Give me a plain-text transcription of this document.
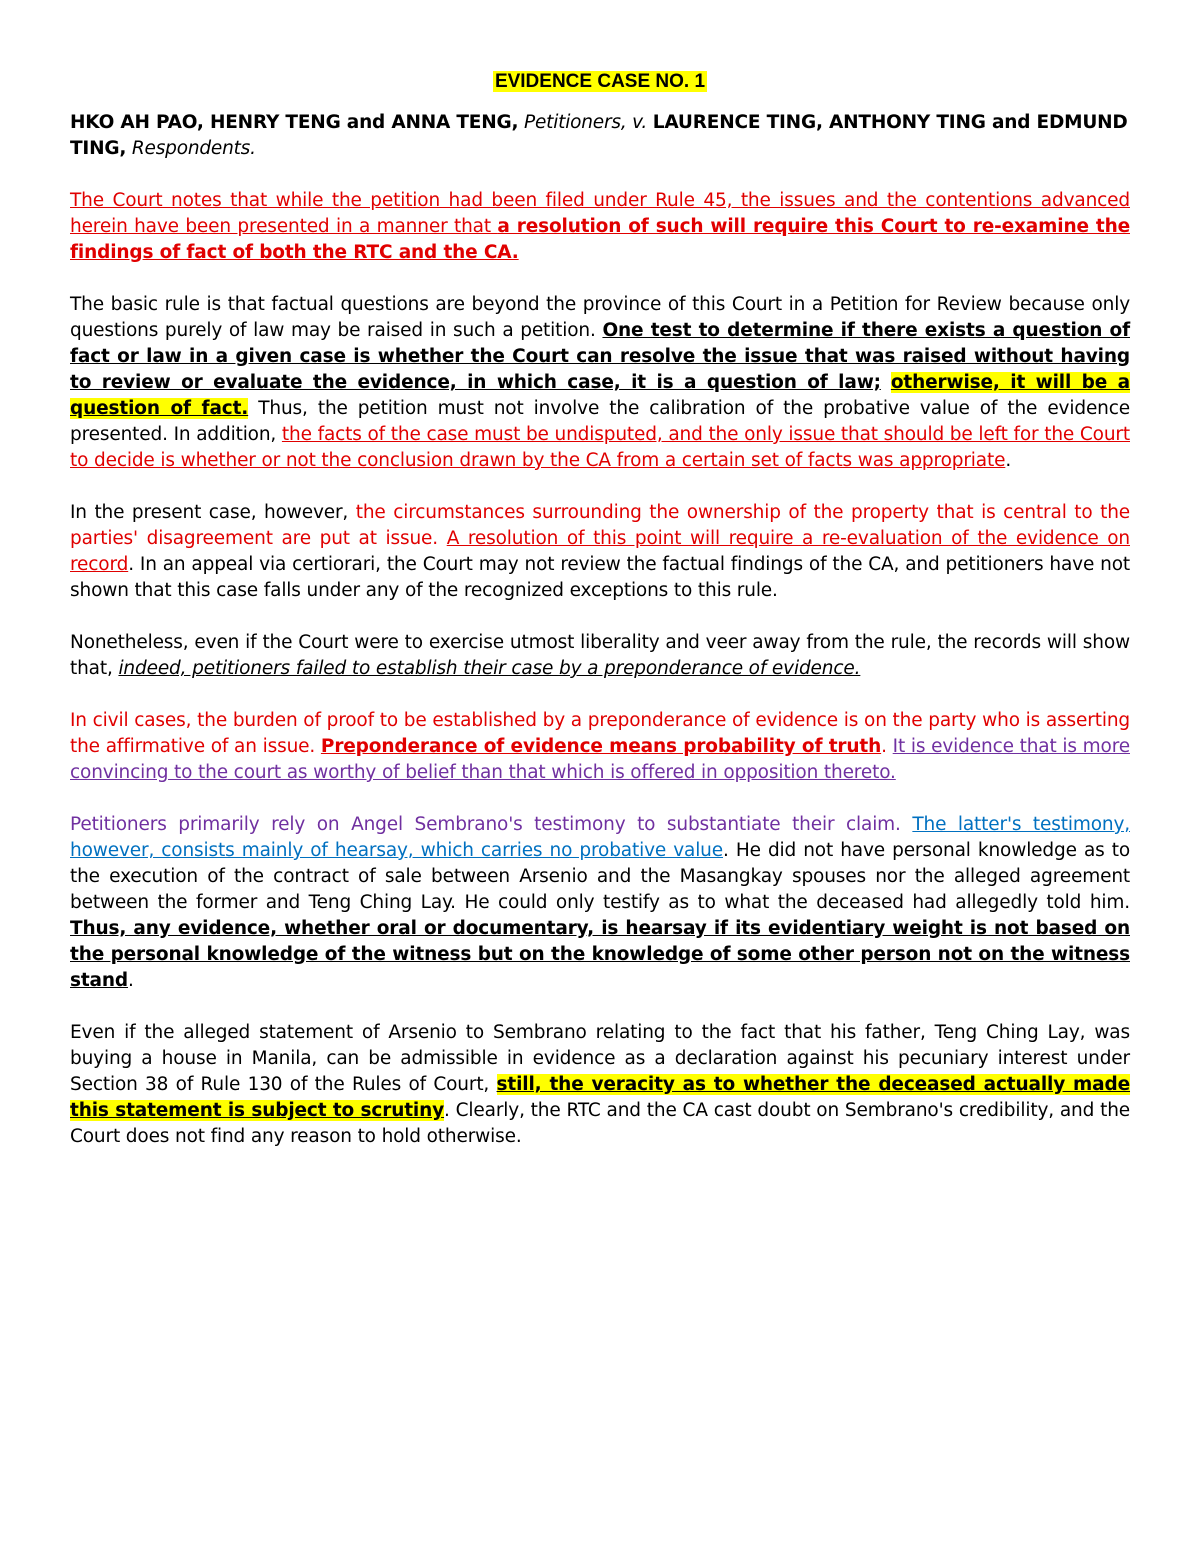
EVIDENCE CASE NO. 1
HKO AH PAO, HENRY TENG and ANNA TENG, Petitioners, v. LAURENCE TING, ANTHONY TING and EDMUND TING, Respondents.

The Court notes that while the petition had been filed under Rule 45, the issues and the contentions advanced herein have been presented in a manner that a resolution of such will require this Court to re-examine the findings of fact of both the RTC and the CA.

The basic rule is that factual questions are beyond the province of this Court in a Petition for Review because only questions purely of law may be raised in such a petition. One test to determine if there exists a question of fact or law in a given case is whether the Court can resolve the issue that was raised without having to review or evaluate the evidence, in which case, it is a question of law; otherwise, it will be a question of fact. Thus, the petition must not involve the calibration of the probative value of the evidence presented. In addition, the facts of the case must be undisputed, and the only issue that should be left for the Court to decide is whether or not the conclusion drawn by the CA from a certain set of facts was appropriate.

In the present case, however, the circumstances surrounding the ownership of the property that is central to the parties' disagreement are put at issue. A resolution of this point will require a re-evaluation of the evidence on record. In an appeal via certiorari, the Court may not review the factual findings of the CA, and petitioners have not shown that this case falls under any of the recognized exceptions to this rule.

Nonetheless, even if the Court were to exercise utmost liberality and veer away from the rule, the records will show that, indeed, petitioners failed to establish their case by a preponderance of evidence.

In civil cases, the burden of proof to be established by a preponderance of evidence is on the party who is asserting the affirmative of an issue. Preponderance of evidence means probability of truth. It is evidence that is more convincing to the court as worthy of belief than that which is offered in opposition thereto.

Petitioners primarily rely on Angel Sembrano's testimony to substantiate their claim. The latter's testimony, however, consists mainly of hearsay, which carries no probative value. He did not have personal knowledge as to the execution of the contract of sale between Arsenio and the Masangkay spouses nor the alleged agreement between the former and Teng Ching Lay. He could only testify as to what the deceased had allegedly told him. Thus, any evidence, whether oral or documentary, is hearsay if its evidentiary weight is not based on the personal knowledge of the witness but on the knowledge of some other person not on the witness stand.

Even if the alleged statement of Arsenio to Sembrano relating to the fact that his father, Teng Ching Lay, was buying a house in Manila, can be admissible in evidence as a declaration against his pecuniary interest under Section 38 of Rule 130 of the Rules of Court, still, the veracity as to whether the deceased actually made this statement is subject to scrutiny. Clearly, the RTC and the CA cast doubt on Sembrano's credibility, and the Court does not find any reason to hold otherwise.
